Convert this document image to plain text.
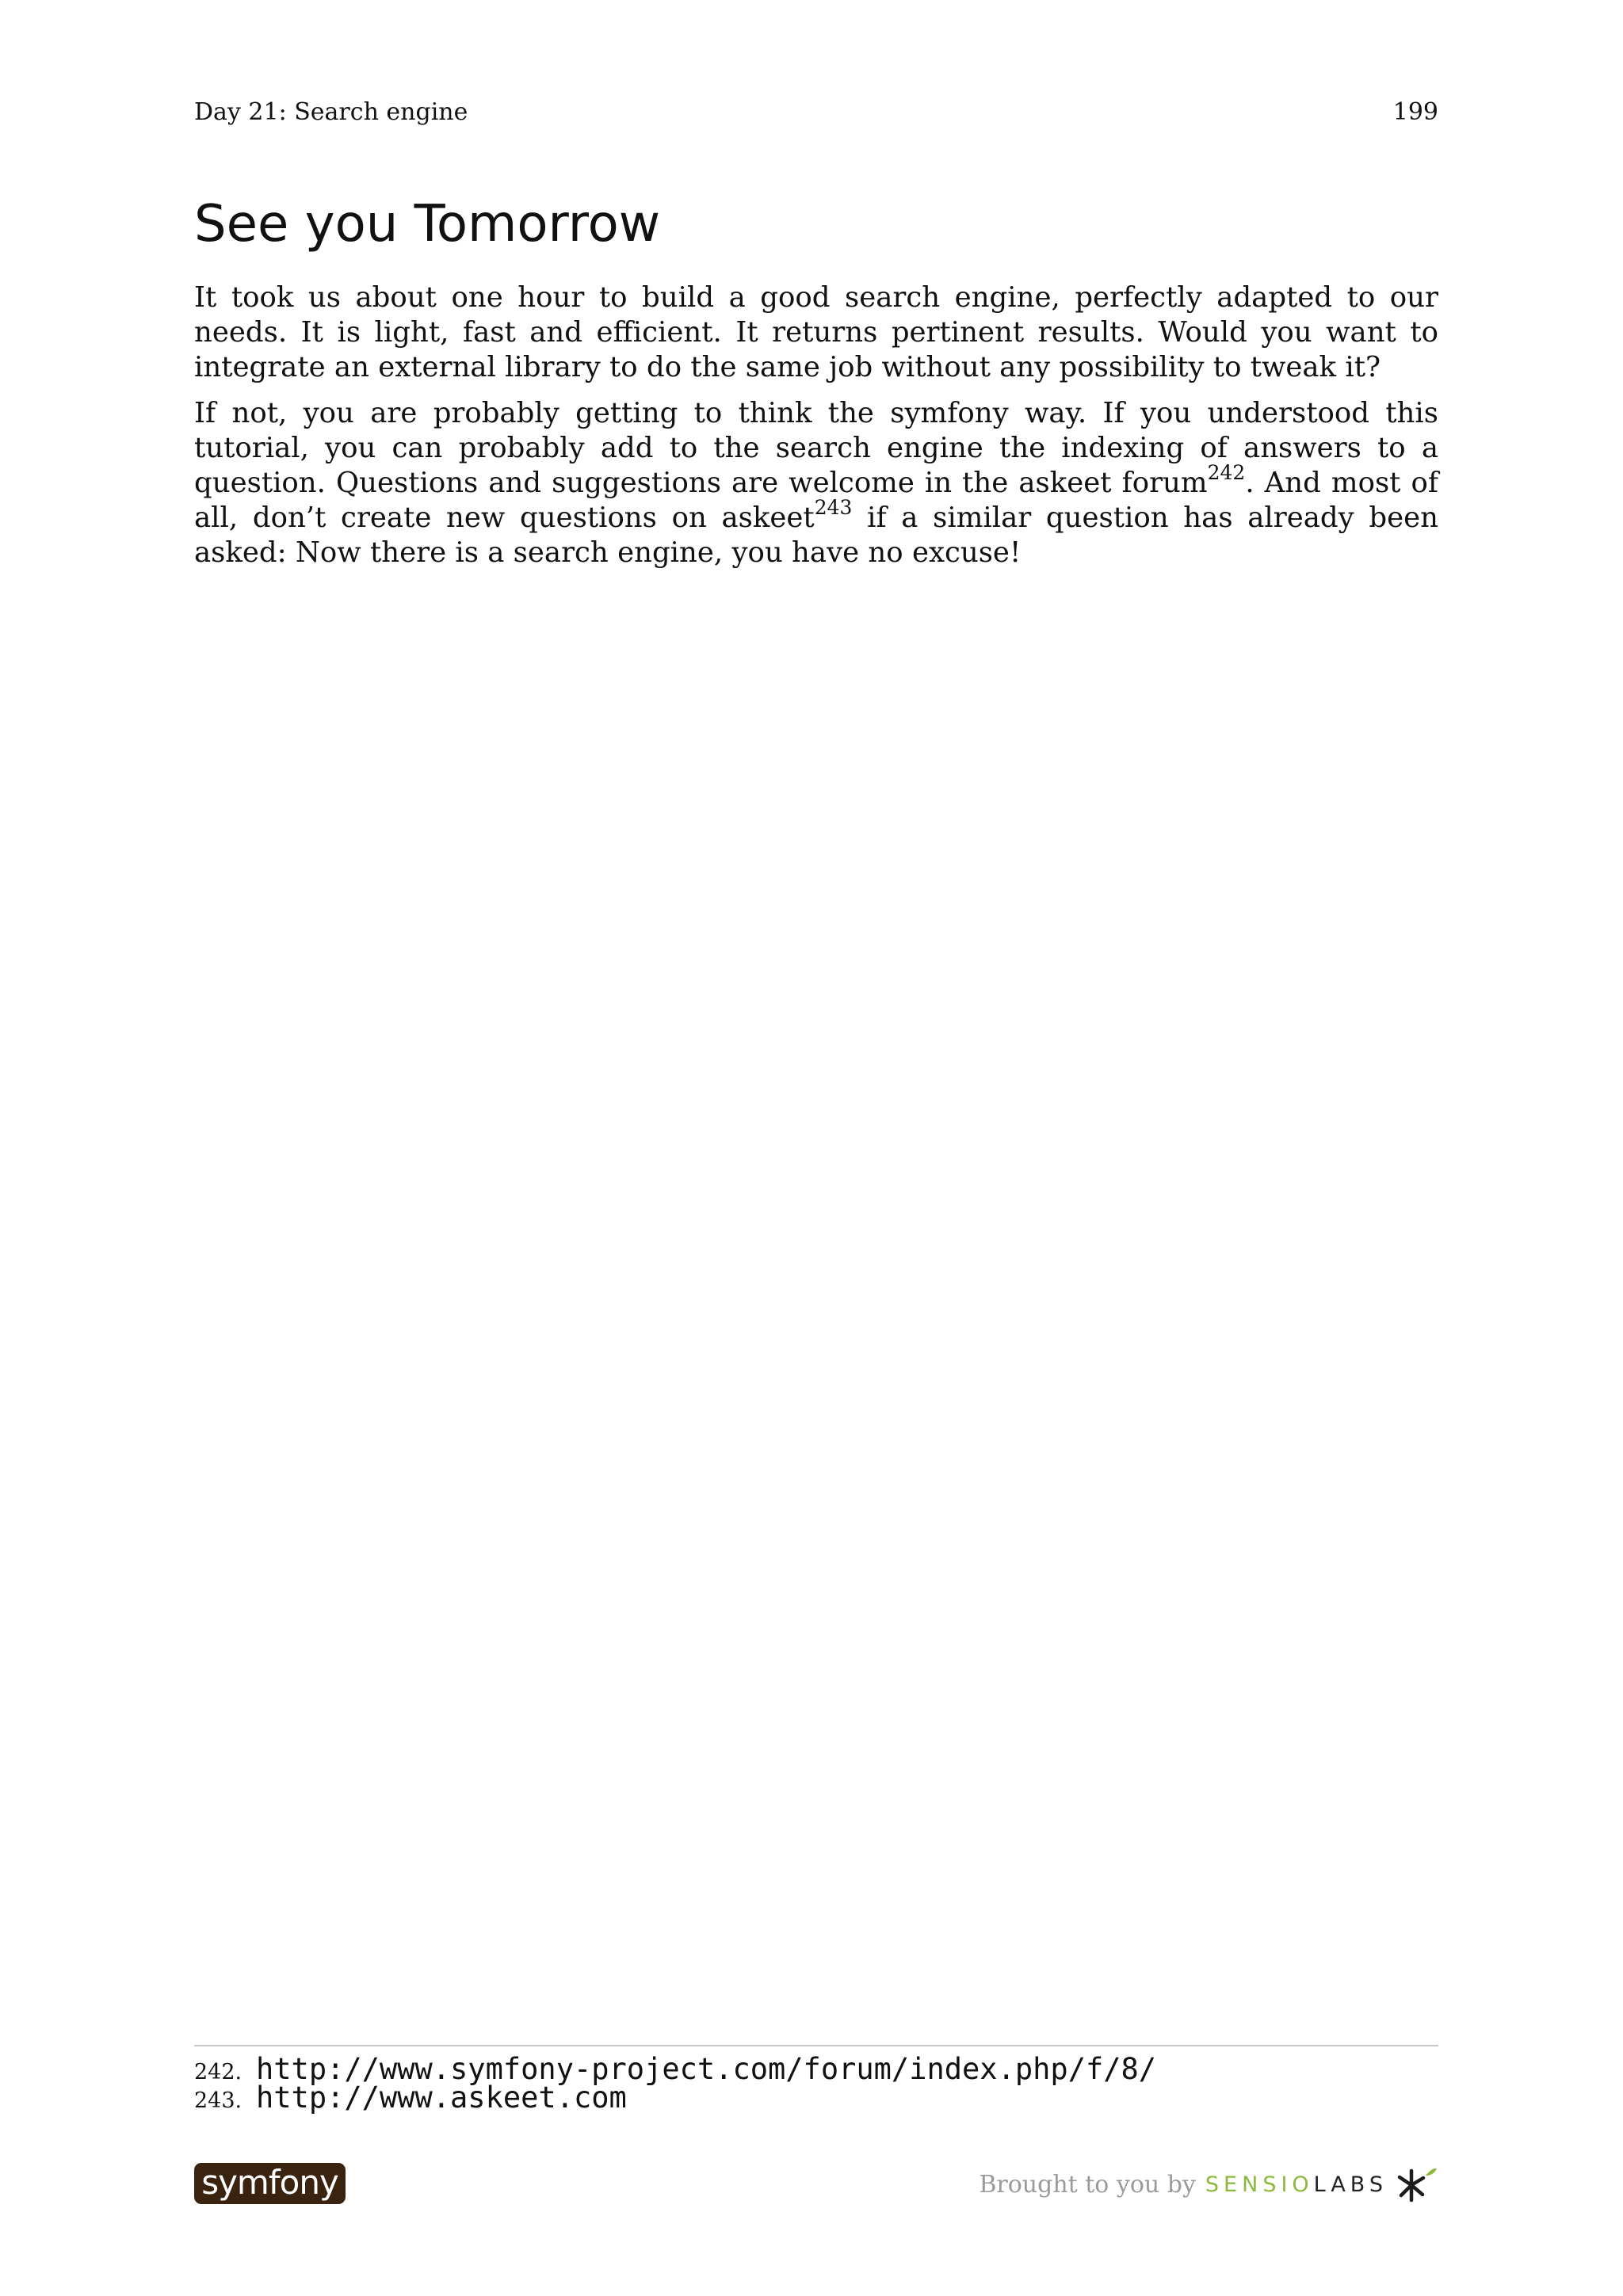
Day 21: Search engine	199
See you Tomorrow

It took us about one hour to build a good search engine, perfectly adapted to our needs. It is light, fast and efficient. It returns pertinent results. Would you want to integrate an external library to do the same job without any possibility to tweak it?

If not, you are probably getting to think the symfony way. If you understood this tutorial, you can probably add to the search engine the indexing of answers to a question. Questions and suggestions are welcome in the askeet forum$^{242}$. And most of all, don’t create new questions on askeet$^{243}$ if a similar question has already been asked: Now there is a search engine, you have no excuse!

242. http://www.symfony-project.com/forum/index.php/f/8/
243. http://www.askeet.com
symfony	Brought to you by SENSIO LABS
